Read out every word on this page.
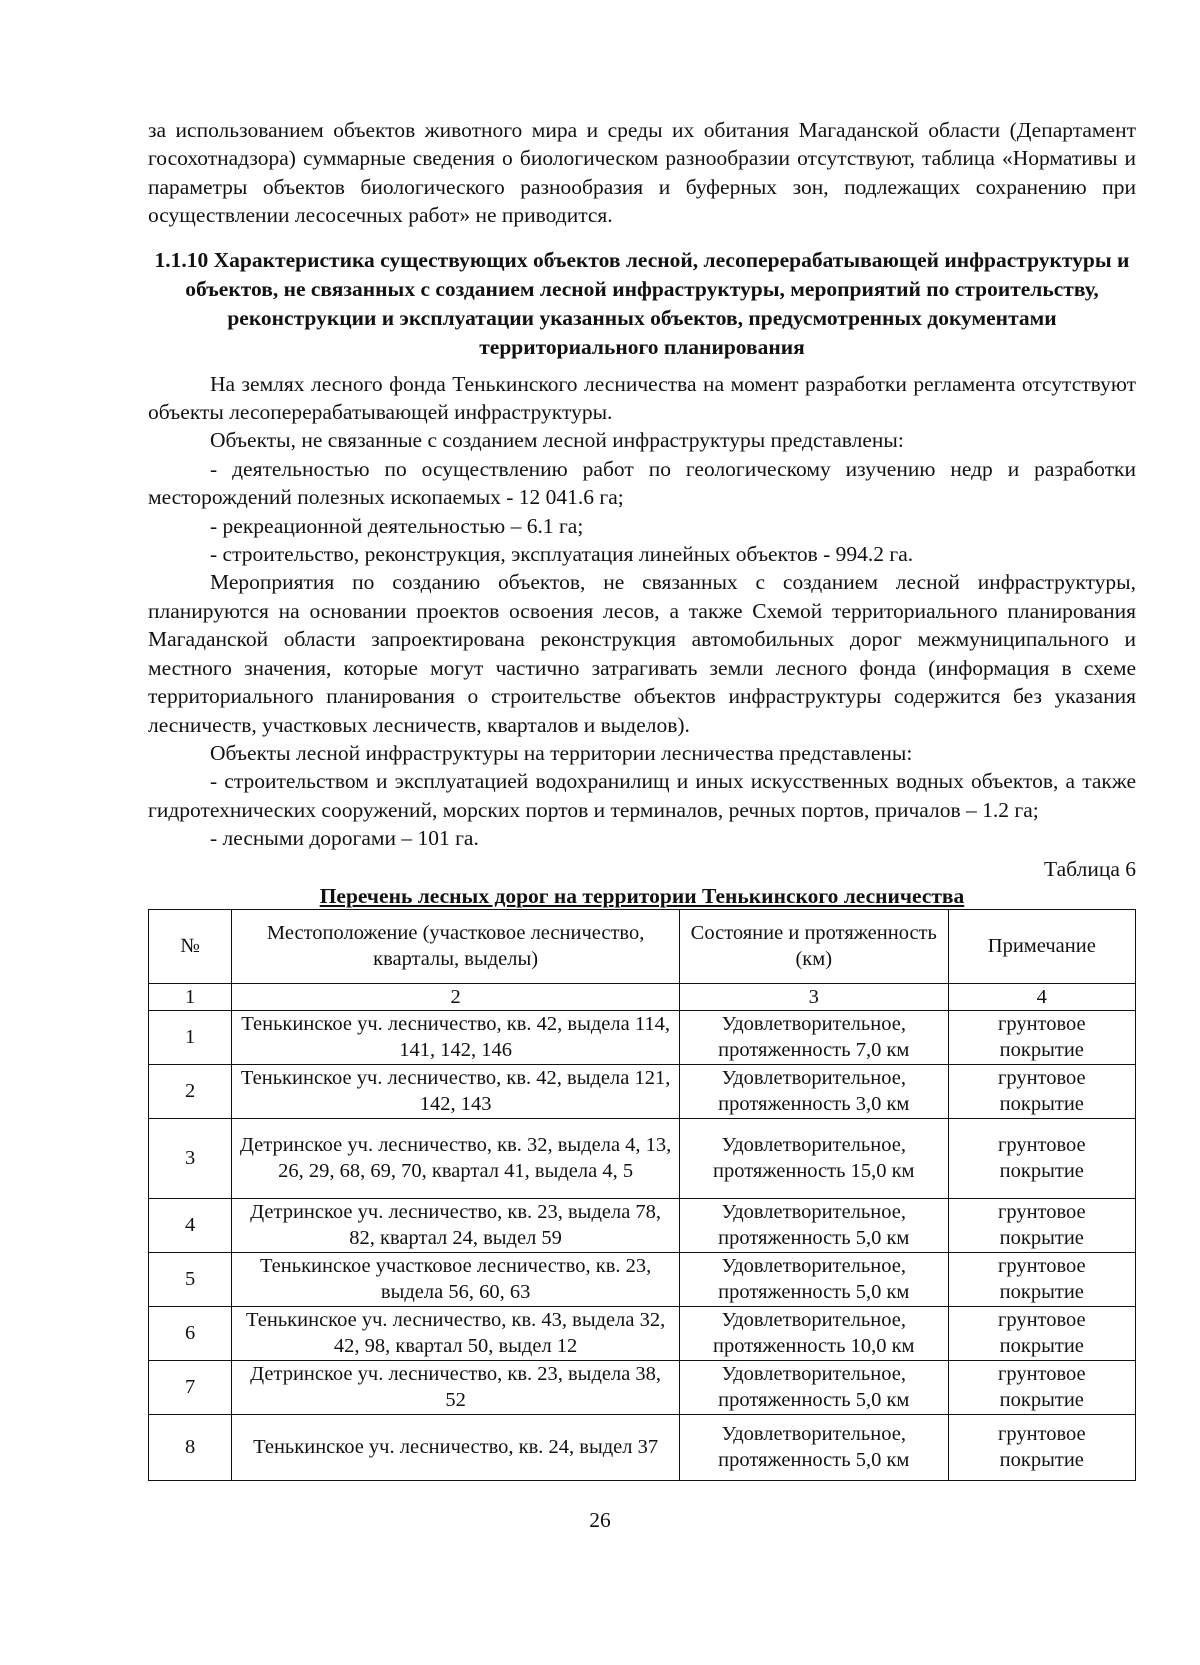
за использованием объектов животного мира и среды их обитания Магаданской области (Департамент госохотнадзора) суммарные сведения о биологическом разнообразии отсутствуют, таблица «Нормативы и параметры объектов биологического разнообразия и буферных зон, подлежащих сохранению при осуществлении лесосечных работ» не приводится.

1.1.10 Характеристика существующих объектов лесной, лесоперерабатывающей инфраструктуры и объектов, не связанных с созданием лесной инфраструктуры, мероприятий по строительству, реконструкции и эксплуатации указанных объектов, предусмотренных документами территориального планирования

На землях лесного фонда Тенькинского лесничества на момент разработки регламента отсутствуют объекты лесоперерабатывающей инфраструктуры.

Объекты, не связанные с созданием лесной инфраструктуры представлены:

- деятельностью по осуществлению работ по геологическому изучению недр и разработки месторождений полезных ископаемых - 12 041.6 га;

- рекреационной деятельностью – 6.1 га;

- строительство, реконструкция, эксплуатация линейных объектов - 994.2 га.

Мероприятия по созданию объектов, не связанных с созданием лесной инфраструктуры, планируются на основании проектов освоения лесов, а также Схемой территориального планирования Магаданской области запроектирована реконструкция автомобильных дорог межмуниципального и местного значения, которые могут частично затрагивать земли лесного фонда (информация в схеме территориального планирования о строительстве объектов инфраструктуры содержится без указания лесничеств, участковых лесничеств, кварталов и выделов).

Объекты лесной инфраструктуры на территории лесничества представлены:

- строительством и эксплуатацией водохранилищ и иных искусственных водных объектов, а также гидротехнических сооружений, морских портов и терминалов, речных портов, причалов – 1.2 га;

- лесными дорогами – 101 га.

Таблица 6
Перечень лесных дорог на территории Тенькинского лесничества
№	Местоположение (участковое лесничество, кварталы, выделы)	Состояние и протяженность (км)	Примечание
1	2	3	4
1	Тенькинское уч. лесничество, кв. 42, выдела 114, 141, 142, 146	Удовлетворительное, протяженность 7,0 км	грунтовое покрытие
2	Тенькинское уч. лесничество, кв. 42, выдела 121, 142, 143	Удовлетворительное, протяженность 3,0 км	грунтовое покрытие
3	Детринское уч. лесничество, кв. 32, выдела 4, 13, 26, 29, 68, 69, 70, квартал 41, выдела 4, 5	Удовлетворительное, протяженность 15,0 км	грунтовое покрытие
4	Детринское уч. лесничество, кв. 23, выдела 78, 82, квартал 24, выдел 59	Удовлетворительное, протяженность 5,0 км	грунтовое покрытие
5	Тенькинское участковое лесничество, кв. 23, выдела 56, 60, 63	Удовлетворительное, протяженность 5,0 км	грунтовое покрытие
6	Тенькинское уч. лесничество, кв. 43, выдела 32, 42, 98, квартал 50, выдел 12	Удовлетворительное, протяженность 10,0 км	грунтовое покрытие
7	Детринское уч. лесничество, кв. 23, выдела 38, 52	Удовлетворительное, протяженность 5,0 км	грунтовое покрытие
8	Тенькинское уч. лесничество, кв. 24, выдел 37	Удовлетворительное, протяженность 5,0 км	грунтовое покрытие
26
